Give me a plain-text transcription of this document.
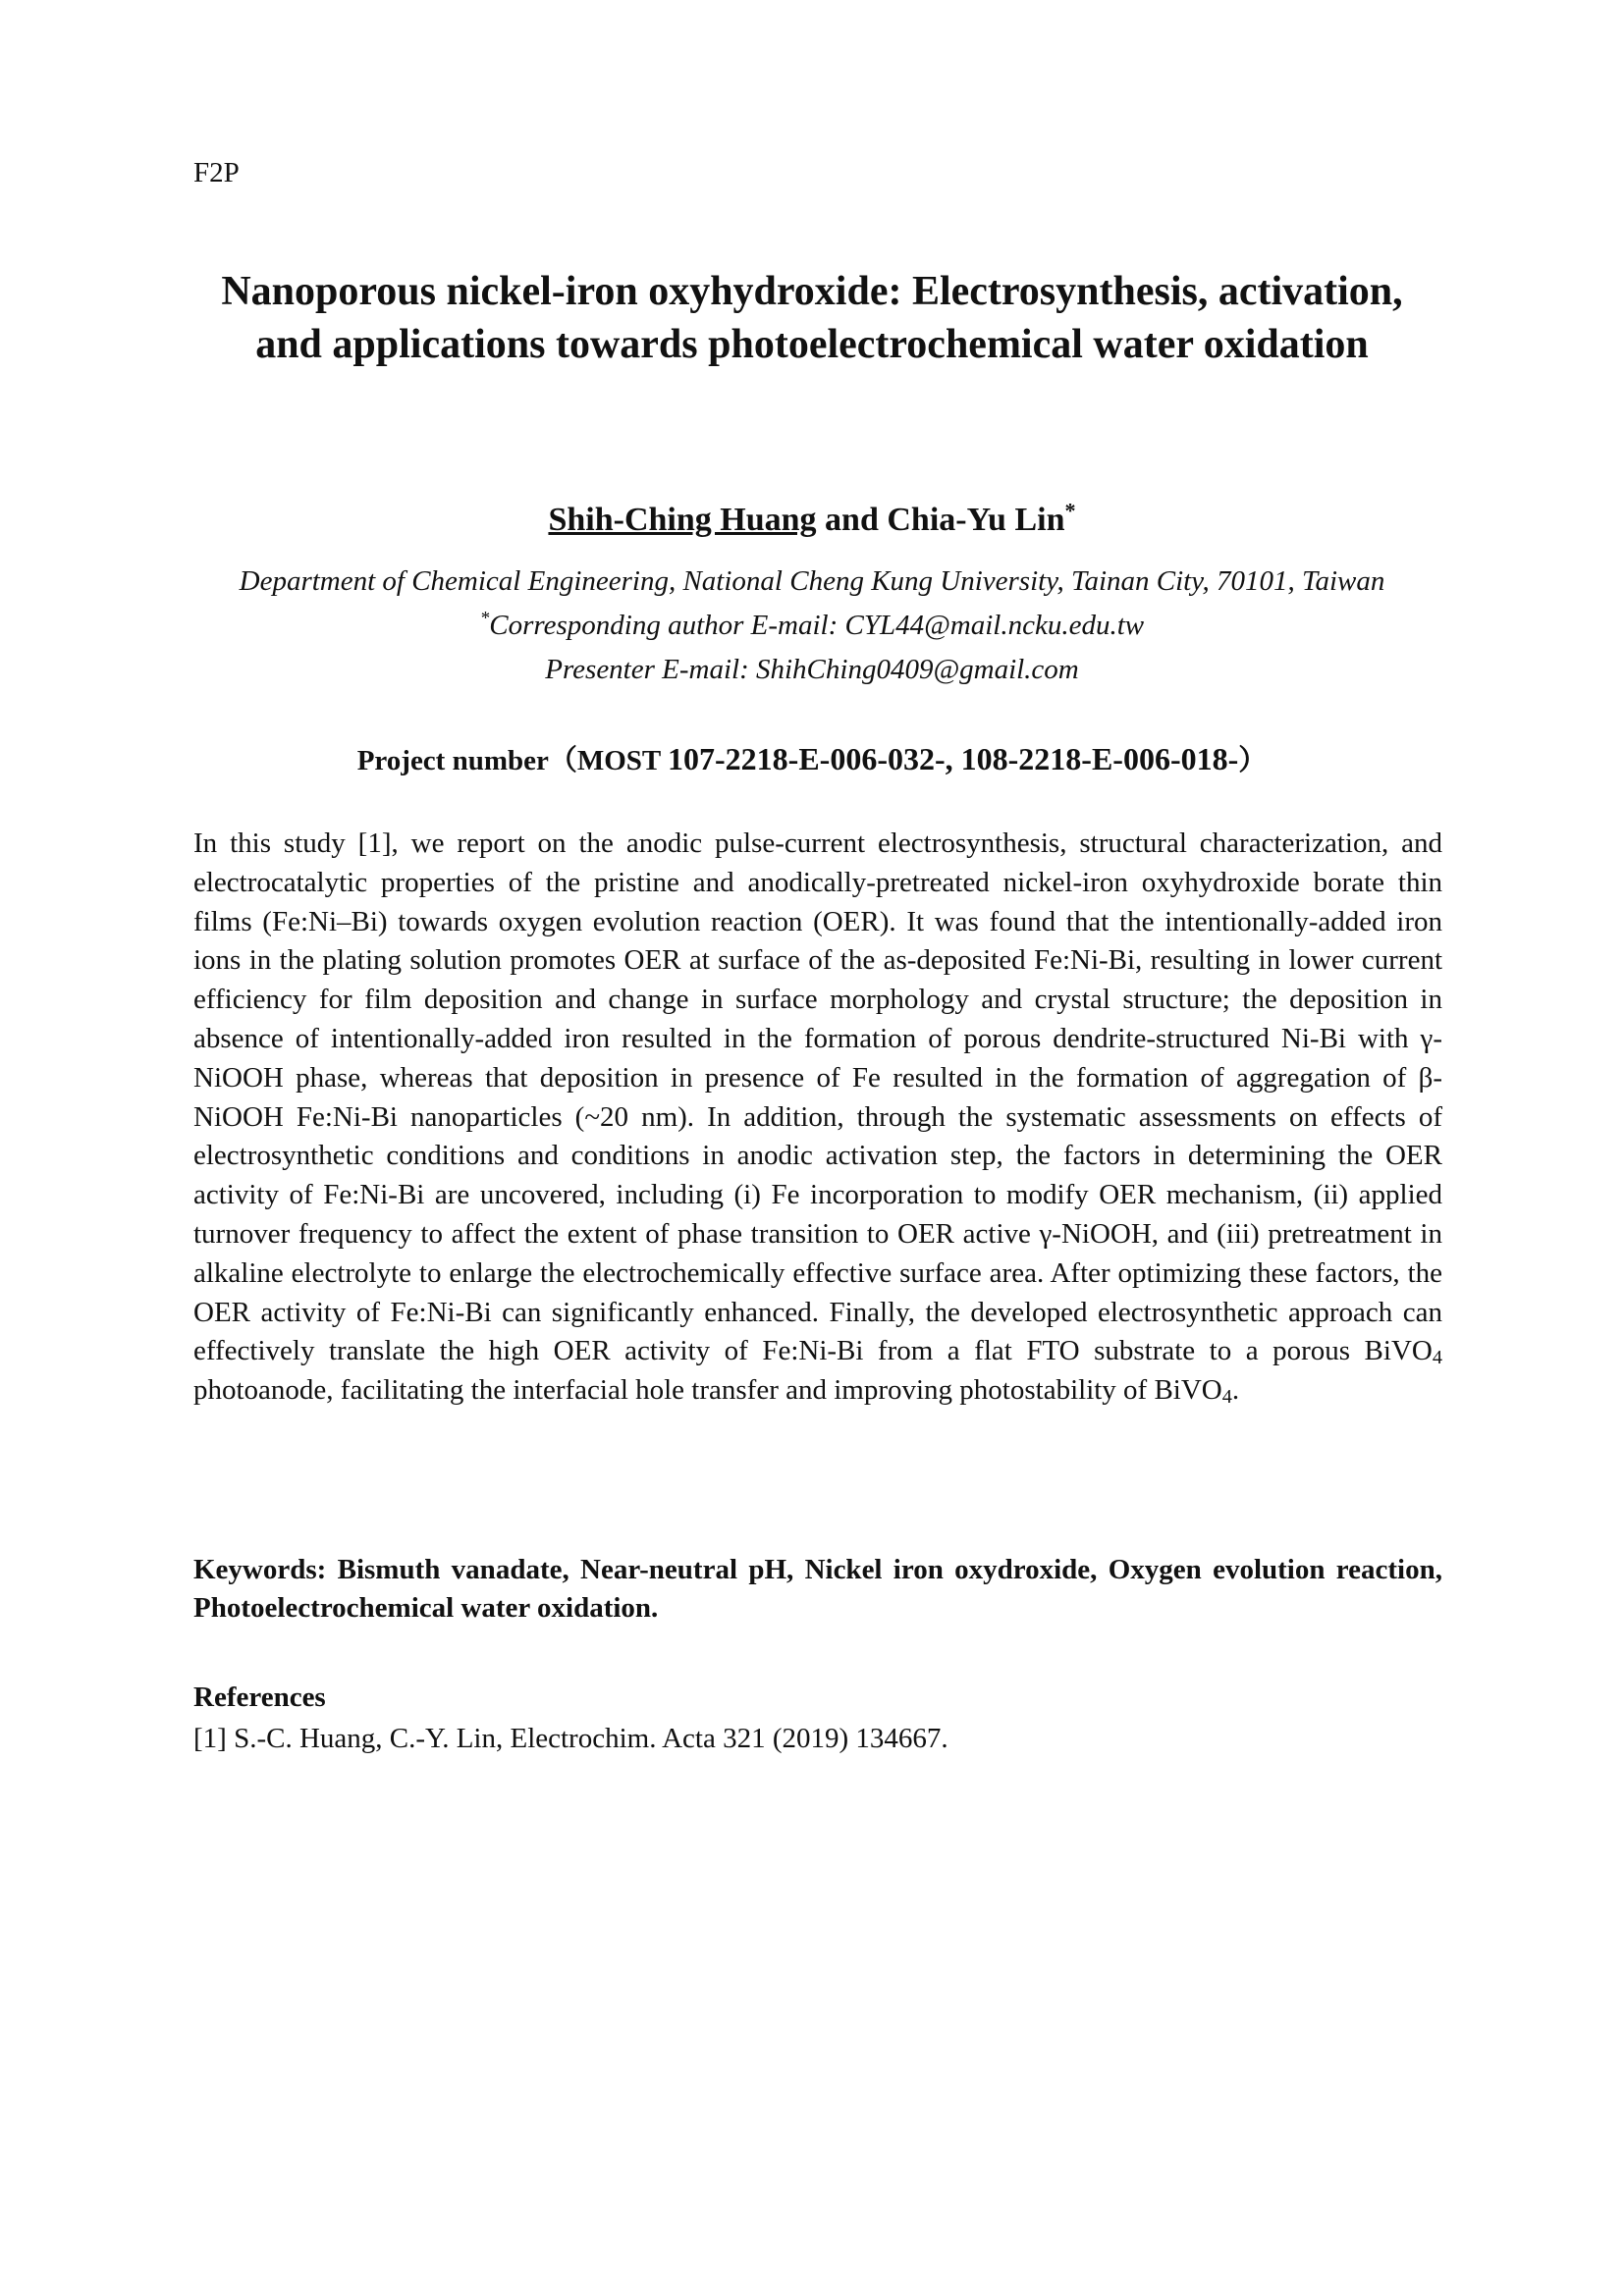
F2P
Nanoporous nickel-iron oxyhydroxide: Electrosynthesis, activation, and applications towards photoelectrochemical water oxidation
Shih-Ching Huang and Chia-Yu Lin*
Department of Chemical Engineering, National Cheng Kung University, Tainan City, 70101, Taiwan
*Corresponding author E-mail: CYL44@mail.ncku.edu.tw
Presenter E-mail: ShihChing0409@gmail.com
Project number（MOST 107-2218-E-006-032-, 108-2218-E-006-018-）

In this study [1], we report on the anodic pulse-current electrosynthesis, structural characterization, and electrocatalytic properties of the pristine and anodically-pretreated nickel-iron oxyhydroxide borate thin films (Fe:Ni–Bi) towards oxygen evolution reaction (OER). It was found that the intentionally-added iron ions in the plating solution promotes OER at surface of the as-deposited Fe:Ni-Bi, resulting in lower current efficiency for film deposition and change in surface morphology and crystal structure; the deposition in absence of intentionally-added iron resulted in the formation of porous dendrite-structured Ni-Bi with γ-NiOOH phase, whereas that deposition in presence of Fe resulted in the formation of aggregation of β-NiOOH Fe:Ni-Bi nanoparticles (~20 nm). In addition, through the systematic assessments on effects of electrosynthetic conditions and conditions in anodic activation step, the factors in determining the OER activity of Fe:Ni-Bi are uncovered, including (i) Fe incorporation to modify OER mechanism, (ii) applied turnover frequency to affect the extent of phase transition to OER active γ-NiOOH, and (iii) pretreatment in alkaline electrolyte to enlarge the electrochemically effective surface area. After optimizing these factors, the OER activity of Fe:Ni-Bi can significantly enhanced. Finally, the developed electrosynthetic approach can effectively translate the high OER activity of Fe:Ni-Bi from a flat FTO substrate to a porous BiVO$_4$ photoanode, facilitating the interfacial hole transfer and improving photostability of BiVO$_4$.

Keywords: Bismuth vanadate, Near-neutral pH, Nickel iron oxydroxide, Oxygen evolution reaction, Photoelectrochemical water oxidation.

References
[1] S.-C. Huang, C.-Y. Lin, Electrochim. Acta 321 (2019) 134667.
